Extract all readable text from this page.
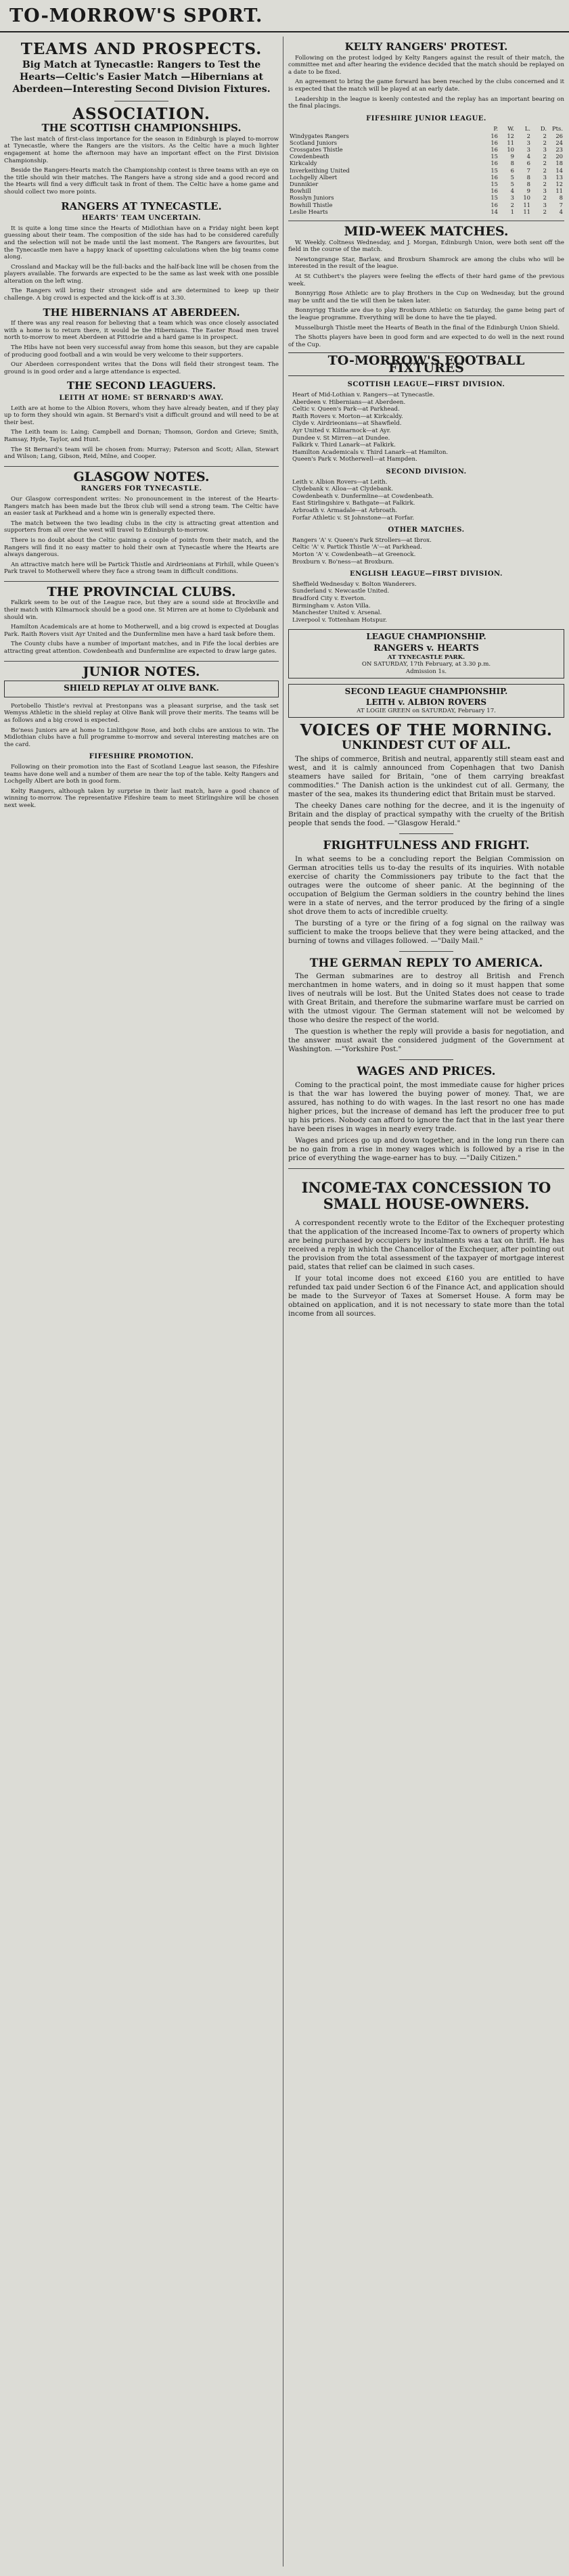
TO-MORROW'S SPORT.
TEAMS AND PROSPECTS.
Big Match at Tynecastle: Rangers to Test the Hearts—Celtic's Easier Match —Hibernians at Aberdeen—Interesting Second Division Fixtures.
ASSOCIATION.
THE SCOTTISH CHAMPIONSHIPS.

The last match of first-class importance for the season in Edinburgh is played to-morrow at Tynecastle, where the Rangers are the visitors. As the Celtic have a much lighter engagement at home the afternoon may have an important effect on the First Division Championship.

Beside the Rangers-Hearts match the Championship contest is three teams with an eye on the title should win their matches. The Rangers have a strong side and a good record and the Hearts will find a very difficult task in front of them. The Celtic have a home game and should collect two more points.

RANGERS AT TYNECASTLE.
HEARTS' TEAM UNCERTAIN.

It is quite a long time since the Hearts of Midlothian have on a Friday night been kept guessing about their team. The composition of the side has had to be considered carefully and the selection will not be made until the last moment. The Rangers are favourites, but the Tynecastle men have a happy knack of upsetting calculations when the big teams come along.

Crossland and Mackay will be the full-backs and the half-back line will be chosen from the players available. The forwards are expected to be the same as last week with one possible alteration on the left wing.

The Rangers will bring their strongest side and are determined to keep up their challenge. A big crowd is expected and the kick-off is at 3.30.

THE HIBERNIANS AT ABERDEEN.

If there was any real reason for believing that a team which was once closely associated with a home is to return there, it would be the Hibernians. The Easter Road men travel north to-morrow to meet Aberdeen at Pittodrie and a hard game is in prospect.

The Hibs have not been very successful away from home this season, but they are capable of producing good football and a win would be very welcome to their supporters.

Our Aberdeen correspondent writes that the Dons will field their strongest team. The ground is in good order and a large attendance is expected.

THE SECOND LEAGUERS.
LEITH AT HOME: ST BERNARD'S AWAY.

Leith are at home to the Albion Rovers, whom they have already beaten, and if they play up to form they should win again. St Bernard's visit a difficult ground and will need to be at their best.

The Leith team is: Laing; Campbell and Dornan; Thomson, Gordon and Grieve; Smith, Ramsay, Hyde, Taylor, and Hunt.

The St Bernard's team will be chosen from: Murray; Paterson and Scott; Allan, Stewart and Wilson; Lang, Gibson, Reid, Milne, and Cooper.

GLASGOW NOTES.
RANGERS FOR TYNECASTLE.

Our Glasgow correspondent writes: No pronouncement in the interest of the Hearts-Rangers match has been made but the Ibrox club will send a strong team. The Celtic have an easier task at Parkhead and a home win is generally expected there.

The match between the two leading clubs in the city is attracting great attention and supporters from all over the west will travel to Edinburgh to-morrow.

There is no doubt about the Celtic gaining a couple of points from their match, and the Rangers will find it no easy matter to hold their own at Tynecastle where the Hearts are always dangerous.

An attractive match here will be Partick Thistle and Airdrieonians at Firhill, while Queen's Park travel to Motherwell where they face a strong team in difficult conditions.

THE PROVINCIAL CLUBS.

Falkirk seem to be out of the League race, but they are a sound side at Brockville and their match with Kilmarnock should be a good one. St Mirren are at home to Clydebank and should win.

Hamilton Academicals are at home to Motherwell, and a big crowd is expected at Douglas Park. Raith Rovers visit Ayr United and the Dunfermline men have a hard task before them.

The County clubs have a number of important matches, and in Fife the local derbies are attracting great attention. Cowdenbeath and Dunfermline are expected to draw large gates.

JUNIOR NOTES.
SHIELD REPLAY AT OLIVE BANK.

Portobello Thistle's revival at Prestonpans was a pleasant surprise, and the task set Wemyss Athletic in the shield replay at Olive Bank will prove their merits. The teams will be as follows and a big crowd is expected.

Bo'ness Juniors are at home to Linlithgow Rose, and both clubs are anxious to win. The Midlothian clubs have a full programme to-morrow and several interesting matches are on the card.

FIFESHIRE PROMOTION.

Following on their promotion into the East of Scotland League last season, the Fifeshire teams have done well and a number of them are near the top of the table. Kelty Rangers and Lochgelly Albert are both in good form.

Kelty Rangers, although taken by surprise in their last match, have a good chance of winning to-morrow. The representative Fifeshire team to meet Stirlingshire will be chosen next week.

KELTY RANGERS' PROTEST.

Following on the protest lodged by Kelty Rangers against the result of their match, the committee met and after hearing the evidence decided that the match should be replayed on a date to be fixed.

An agreement to bring the game forward has been reached by the clubs concerned and it is expected that the match will be played at an early date.

Leadership in the league is keenly contested and the replay has an important bearing on the final placings.

FIFESHIRE JUNIOR LEAGUE.
	P.	W.	L.	D.	Pts.
Windygates Rangers	16	12	2	2	26
Scotland Juniors	16	11	3	2	24
Crossgates Thistle	16	10	3	3	23
Cowdenbeath	15	9	4	2	20
Kirkcaldy	16	8	6	2	18
Inverkeithing United	15	6	7	2	14
Lochgelly Albert	16	5	8	3	13
Dunnikier	15	5	8	2	12
Bowhill	16	4	9	3	11
Rosslyn Juniors	15	3	10	2	8
Bowhill Thistle	16	2	11	3	7
Leslie Hearts	14	1	11	2	4
MID-WEEK MATCHES.

W. Weekly. Coltness Wednesday, and J. Morgan, Edinburgh Union, were both sent off the field in the course of the match.

Newtongrange Star, Barlaw, and Broxburn Shamrock are among the clubs who will be interested in the result of the league.

At St Cuthbert's the players were feeling the effects of their hard game of the previous week.

Bonnyrigg Rose Athletic are to play Brothers in the Cup on Wednesday, but the ground may be unfit and the tie will then be taken later.

Bonnyrigg Thistle are due to play Broxburn Athletic on Saturday, the game being part of the league programme. Everything will be done to have the tie played.

Musselburgh Thistle meet the Hearts of Beath in the final of the Edinburgh Union Shield.

The Shotts players have been in good form and are expected to do well in the next round of the Cup.

TO-MORROW'S FOOTBALL FIXTURES
SCOTTISH LEAGUE—FIRST DIVISION.
Heart of Mid-Lothian v. Rangers—at Tynecastle.
Aberdeen v. Hibernians—at Aberdeen.
Celtic v. Queen's Park—at Parkhead.
Raith Rovers v. Morton—at Kirkcaldy.
Clyde v. Airdrieonians—at Shawfield.
Ayr United v. Kilmarnock—at Ayr.
Dundee v. St Mirren—at Dundee.
Falkirk v. Third Lanark—at Falkirk.
Hamilton Academicals v. Third Lanark—at Hamilton.
Queen's Park v. Motherwell—at Hampden.
SECOND DIVISION.
Leith v. Albion Rovers—at Leith.
Clydebank v. Alloa—at Clydebank.
Cowdenbeath v. Dunfermline—at Cowdenbeath.
East Stirlingshire v. Bathgate—at Falkirk.
Arbroath v. Armadale—at Arbroath.
Forfar Athletic v. St Johnstone—at Forfar.
OTHER MATCHES.
Rangers 'A' v. Queen's Park Strollers—at Ibrox.
Celtic 'A' v. Partick Thistle 'A'—at Parkhead.
Morton 'A' v. Cowdenbeath—at Greenock.
Broxburn v. Bo'ness—at Broxburn.
ENGLISH LEAGUE—FIRST DIVISION.
Sheffield Wednesday v. Bolton Wanderers.
Sunderland v. Newcastle United.
Bradford City v. Everton.
Birmingham v. Aston Villa.
Manchester United v. Arsenal.
Liverpool v. Tottenham Hotspur.
LEAGUE CHAMPIONSHIP.
RANGERS v. HEARTS
AT TYNECASTLE PARK.
ON SATURDAY, 17th February, at 3.30 p.m.
Admission 1s.
SECOND LEAGUE CHAMPIONSHIP.
LEITH v. ALBION ROVERS
AT LOGIE GREEN on SATURDAY, February 17.
VOICES OF THE MORNING.
UNKINDEST CUT OF ALL.

The ships of commerce, British and neutral, apparently still steam east and west, and it is calmly announced from Copenhagen that two Danish steamers have sailed for Britain, "one of them carrying breakfast commodities." The Danish action is the unkindest cut of all. Germany, the master of the sea, makes its thundering edict that Britain must be starved.

The cheeky Danes care nothing for the decree, and it is the ingenuity of Britain and the display of practical sympathy with the cruelty of the British people that sends the food. —"Glasgow Herald."

FRIGHTFULNESS AND FRIGHT.

In what seems to be a concluding report the Belgian Commission on German atrocities tells us to-day the results of its inquiries. With notable exercise of charity the Commissioners pay tribute to the fact that the outrages were the outcome of sheer panic. At the beginning of the occupation of Belgium the German soldiers in the country behind the lines were in a state of nerves, and the terror produced by the firing of a single shot drove them to acts of incredible cruelty.

The bursting of a tyre or the firing of a fog signal on the railway was sufficient to make the troops believe that they were being attacked, and the burning of towns and villages followed. —"Daily Mail."

THE GERMAN REPLY TO AMERICA.

The German submarines are to destroy all British and French merchantmen in home waters, and in doing so it must happen that some lives of neutrals will be lost. But the United States does not cease to trade with Great Britain, and therefore the submarine warfare must be carried on with the utmost vigour. The German statement will not be welcomed by those who desire the respect of the world.

The question is whether the reply will provide a basis for negotiation, and the answer must await the considered judgment of the Government at Washington. —"Yorkshire Post."

WAGES AND PRICES.

Coming to the practical point, the most immediate cause for higher prices is that the war has lowered the buying power of money. That, we are assured, has nothing to do with wages. In the last resort no one has made higher prices, but the increase of demand has left the producer free to put up his prices. Nobody can afford to ignore the fact that in the last year there have been rises in wages in nearly every trade.

Wages and prices go up and down together, and in the long run there can be no gain from a rise in money wages which is followed by a rise in the price of everything the wage-earner has to buy. —"Daily Citizen."

INCOME-TAX CONCESSION TO SMALL HOUSE-OWNERS.

A correspondent recently wrote to the Editor of the Exchequer protesting that the application of the increased Income-Tax to owners of property which are being purchased by occupiers by instalments was a tax on thrift. He has received a reply in which the Chancellor of the Exchequer, after pointing out the provision from the total assessment of the taxpayer of mortgage interest paid, states that relief can be claimed in such cases.

If your total income does not exceed £160 you are entitled to have refunded tax paid under Section 6 of the Finance Act, and application should be made to the Surveyor of Taxes at Somerset House. A form may be obtained on application, and it is not necessary to state more than the total income from all sources.
